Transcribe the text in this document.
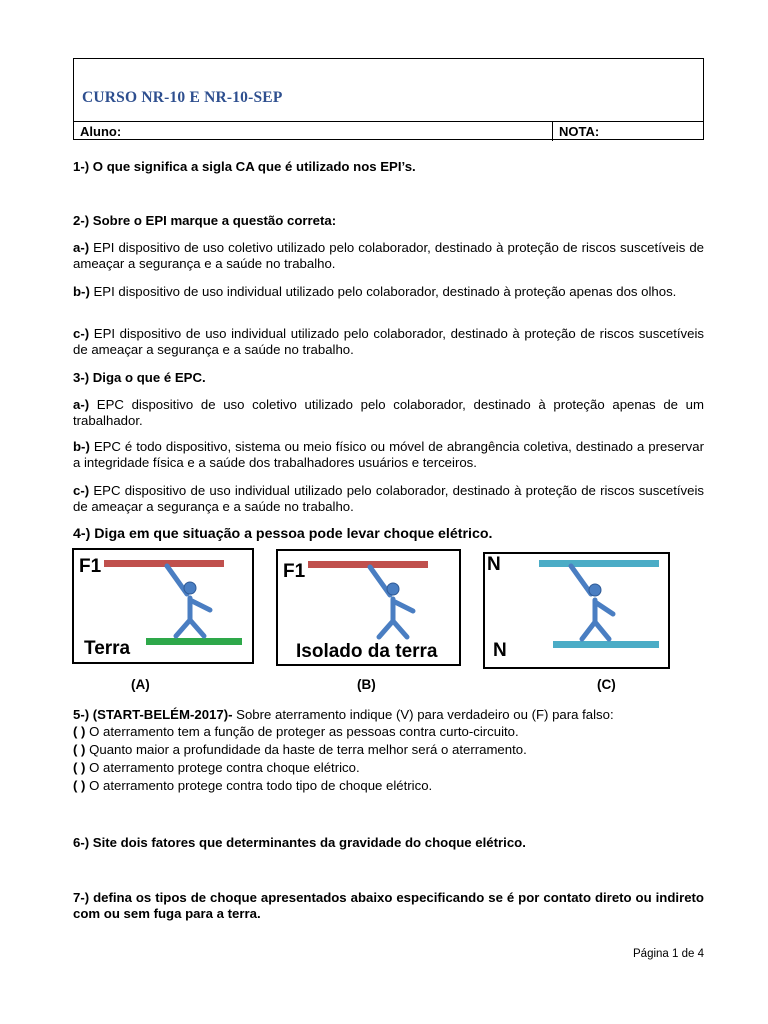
CURSO NR-10 E NR-10-SEP
Aluno:	NOTA:
1-) O que significa a sigla CA que é utilizado nos EPI’s.
2-) Sobre o EPI marque a questão correta:
a-) EPI dispositivo de uso coletivo utilizado pelo colaborador, destinado à proteção de riscos suscetíveis de ameaçar a segurança e a saúde no trabalho.
b-) EPI dispositivo de uso individual utilizado pelo colaborador, destinado à proteção apenas dos olhos.
c-) EPI dispositivo de uso individual utilizado pelo colaborador, destinado à proteção de riscos suscetíveis de ameaçar a segurança e a saúde no trabalho.
3-) Diga o que é EPC.
a-) EPC dispositivo de uso coletivo utilizado pelo colaborador, destinado à proteção apenas de um trabalhador.
b-) EPC é todo dispositivo, sistema ou meio físico ou móvel de abrangência coletiva, destinado a preservar a integridade física e a saúde dos trabalhadores usuários e terceiros.
c-) EPC dispositivo de uso individual utilizado pelo colaborador, destinado à proteção de riscos suscetíveis de ameaçar a segurança e a saúde no trabalho.
4-) Diga em que situação a pessoa pode levar choque elétrico.
F1
Terra
F1
Isolado da terra
N
N
(A)	(B)	(C)
5-) (START-BELÉM-2017)- Sobre aterramento indique (V) para verdadeiro ou (F) para falso:
( ) O aterramento tem a função de proteger as pessoas contra curto-circuito.
( ) Quanto maior a profundidade da haste de terra melhor será o aterramento.
( ) O aterramento protege contra choque elétrico.
( ) O aterramento protege contra todo tipo de choque elétrico.
6-) Site dois fatores que determinantes da gravidade do choque elétrico.
7-) defina os tipos de choque apresentados abaixo especificando se é por contato direto ou indireto com ou sem fuga para a terra.
Página 1 de 4
